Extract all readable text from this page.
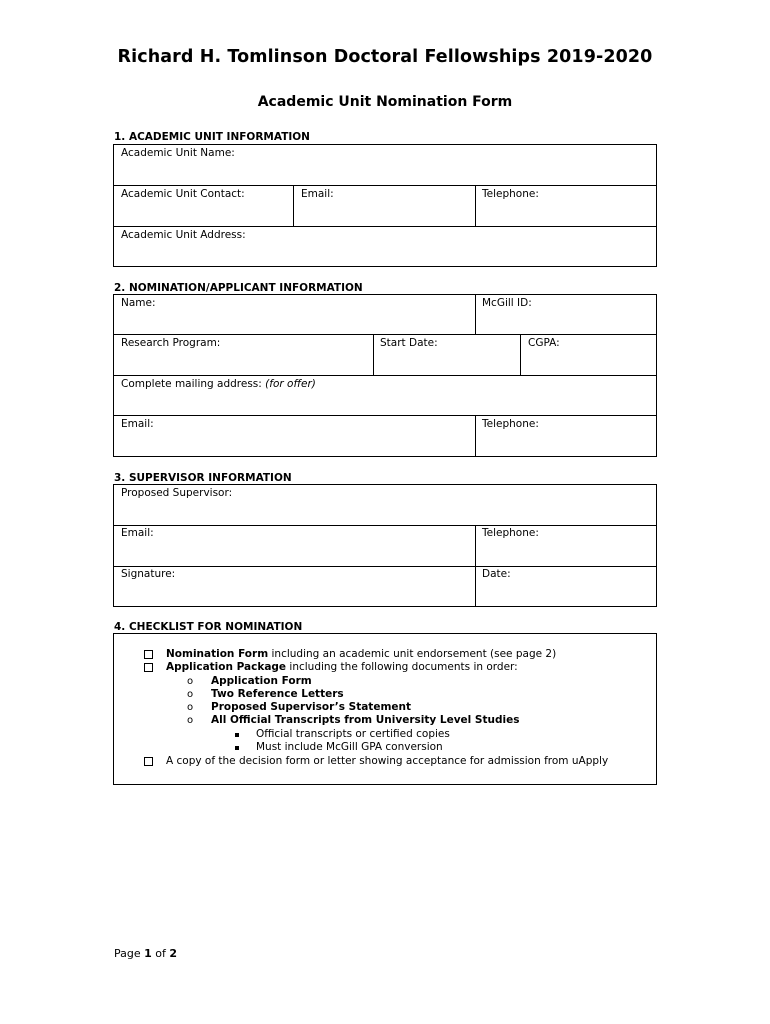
Richard H. Tomlinson Doctoral Fellowships 2019-2020
Academic Unit Nomination Form
1. ACADEMIC UNIT INFORMATION
Academic Unit Name:
Academic Unit Contact:	Email:	Telephone:
Academic Unit Address:
2. NOMINATION/APPLICANT INFORMATION
Name:	McGill ID:
Research Program:	Start Date:	CGPA:
Complete mailing address: (for offer)
Email:	Telephone:
3. SUPERVISOR INFORMATION
Proposed Supervisor:
Email:	Telephone:
Signature:	Date:
4. CHECKLIST FOR NOMINATION
Nomination Form including an academic unit endorsement (see page 2)
Application Package including the following documents in order:
o Application Form
o Two Reference Letters
o Proposed Supervisor’s Statement
o All Official Transcripts from University Level Studies
Official transcripts or certified copies
Must include McGill GPA conversion
A copy of the decision form or letter showing acceptance for admission from uApply
Page 1 of 2
